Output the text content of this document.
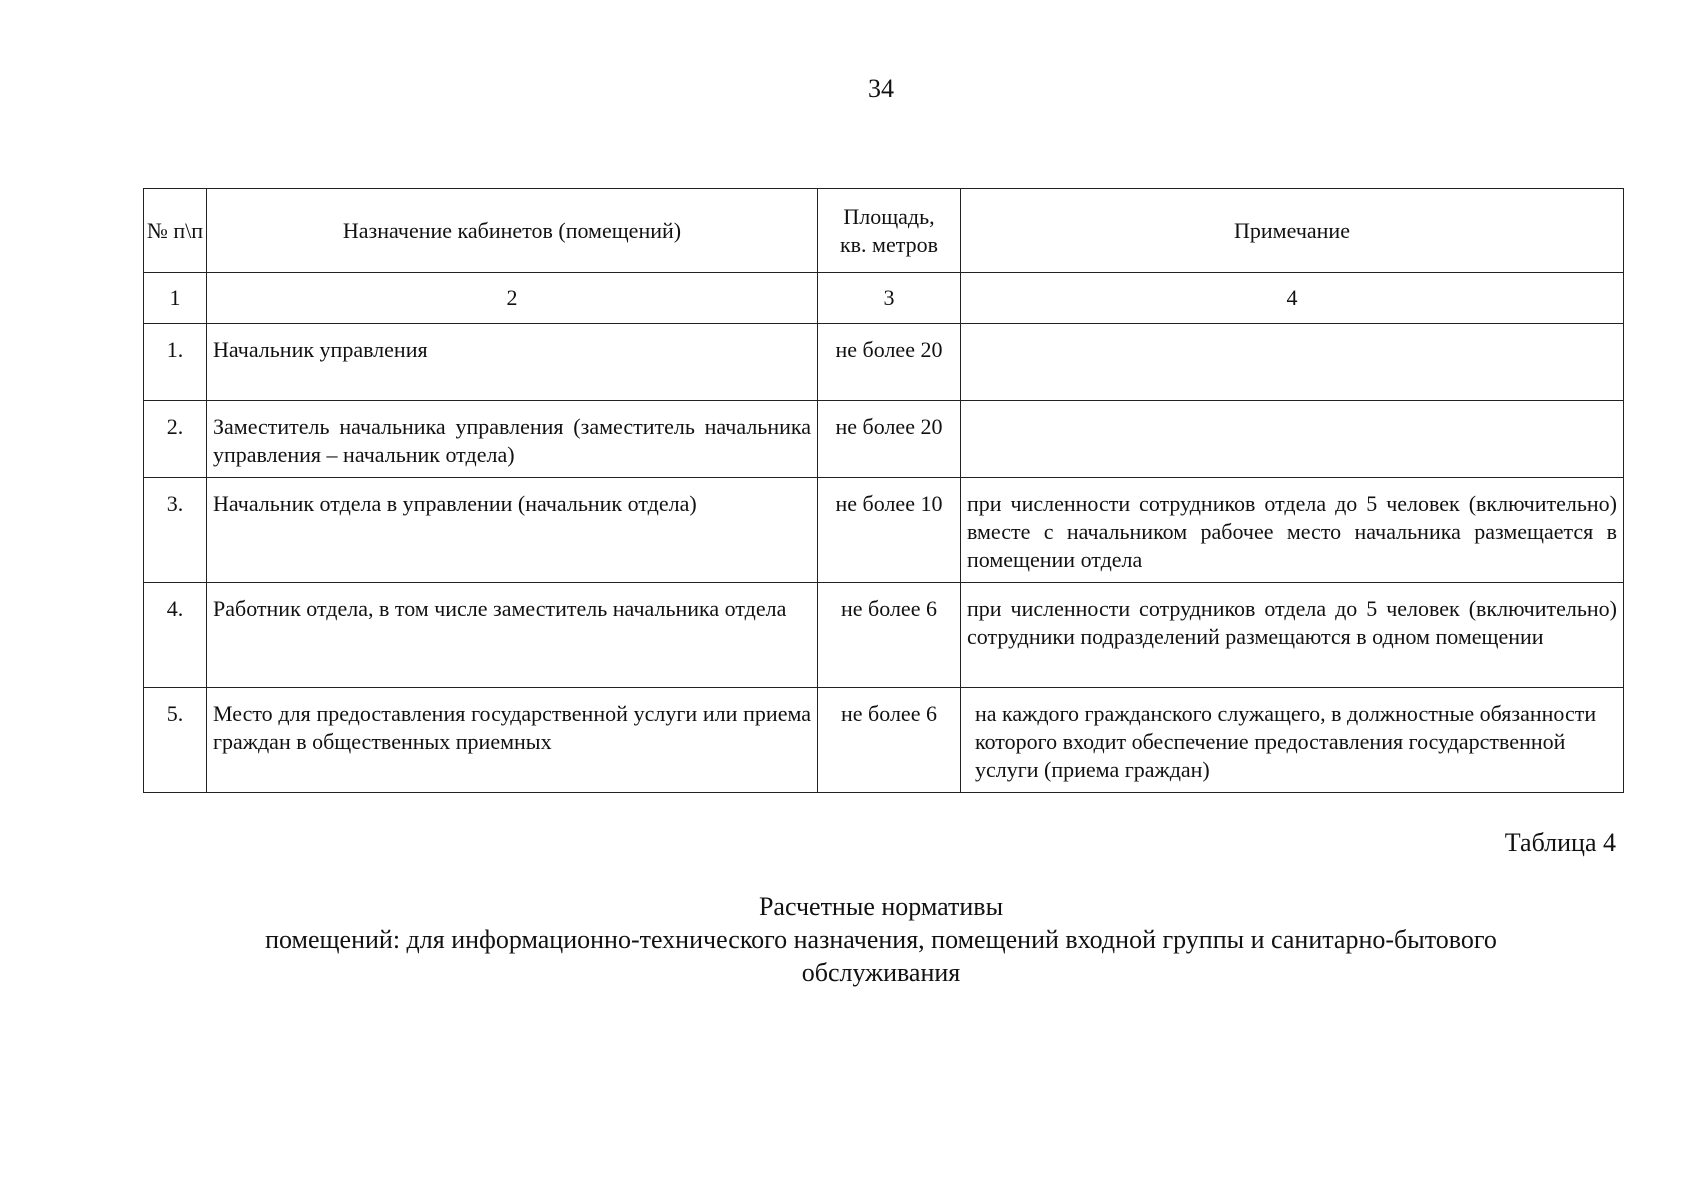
34
№ п\п	Назначение кабинетов (помещений)	Площадь, кв. метров	Примечание
1	2	3	4
1.	Начальник управления	не более 20	
2.	Заместитель начальника управления (заместитель начальника управления – начальник отдела)	не более 20	
3.	Начальник отдела в управлении (начальник отдела)	не более 10	при численности сотрудников отдела до 5 человек (включительно) вместе с начальником рабочее место начальника размещается в помещении отдела
4.	Работник отдела, в том числе заместитель начальника отдела	не более 6	при численности сотрудников отдела до 5 человек (включительно) сотрудники подразделений размещаются в одном помещении
5.	Место для предоставления государственной услуги или приема граждан в общественных приемных	не более 6	на каждого гражданского служащего, в должностные обязанности которого входит обеспечение предоставления государственной услуги (приема граждан)
Таблица 4
Расчетные нормативы
помещений: для информационно-технического назначения, помещений входной группы и санитарно-бытового обслуживания
